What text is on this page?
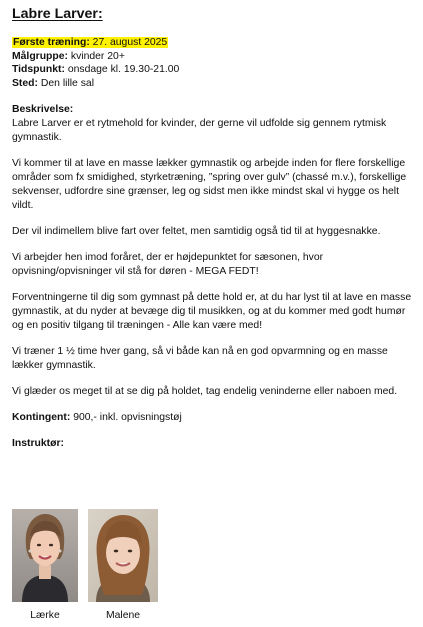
Labre Larver:
Første træning: 27. august 2025
Målgruppe: kvinder 20+
Tidspunkt: onsdage kl. 19.30-21.00
Sted: Den lille sal
Beskrivelse:

Labre Larver er et rytmehold for kvinder, der gerne vil udfolde sig gennem rytmisk gymnastik.

Vi kommer til at lave en masse lækker gymnastik og arbejde inden for flere forskellige områder som fx smidighed, styrketræning, ”spring over gulv” (chassé m.v.), forskellige sekvenser, udfordre sine grænser, leg og sidst men ikke mindst skal vi hygge os helt vildt.

Der vil indimellem blive fart over feltet, men samtidig også tid til at hyggesnakke.

Vi arbejder hen imod foråret, der er højdepunktet for sæsonen, hvor opvisning/opvisninger vil stå for døren - MEGA FEDT!

Forventningerne til dig som gymnast på dette hold er, at du har lyst til at lave en masse gymnastik, at du nyder at bevæge dig til musikken, og at du kommer med godt humør og en positiv tilgang til træningen - Alle kan være med!

Vi træner 1 ½ time hver gang, så vi både kan nå en god opvarmning og en masse lækker gymnastik.

Vi glæder os meget til at se dig på holdet, tag endelig veninderne eller naboen med.

Kontingent: 900,- inkl. opvisningstøj
Instruktør:
Lærke	Malene
